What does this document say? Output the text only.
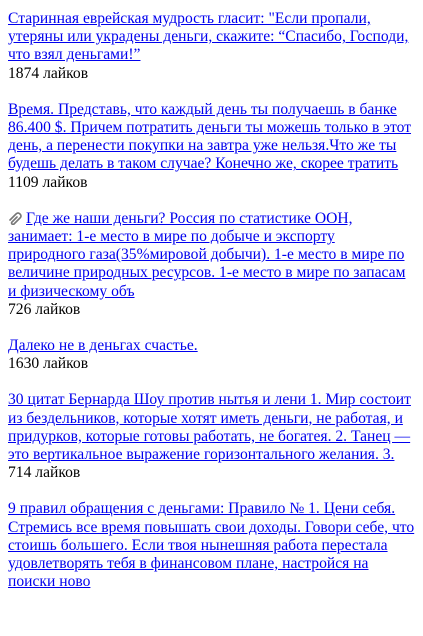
Старинная еврейская мудрость гласит: "Если пропали, утеряны или украдены деньги, скажите: “Спасибо, Господи, что взял деньгами!”
1874 лайков
Время. Представь, что каждый день ты получаешь в банке 86.400 $. Причем потратить деньги ты можешь только в этот день, а перенести покупки на завтра уже нельзя.Что же ты будешь делать в таком случае? Конечно же, скорее тратить
1109 лайков
Где же наши деньги? Россия по статистике ООН, занимает: 1-е место в мире по добыче и экспорту природного газа(35%мировой добычи). 1-е место в мире по величине природных ресурсов. 1-е место в мире по запасам и физическому объ
726 лайков
Далеко не в деньгах счастье.
1630 лайков
30 цитат Бернарда Шоу против нытья и лени 1. Мир состоит из бездельников, которые хотят иметь деньги, не работая, и придурков, которые готовы работать, не богатея. 2. Танец — это вертикальное выражение горизонтального желания. 3.
714 лайков
9 правил обращения с деньгами: Правило № 1. Цени себя. Стремись все время повышать свои доходы. Говори себе, что стоишь большего. Если твоя нынешняя работа перестала удовлетворять тебя в финансовом плане, настройся на поиски ново
